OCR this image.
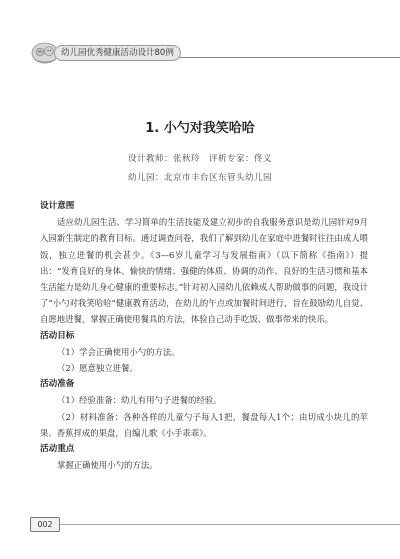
幼儿园优秀健康活动设计80例
1. 小勺对我笑哈哈
设计教师：张秋玲　评析专家：佟义
幼儿园：北京市丰台区东管头幼儿园

设计意图

适应幼儿园生活、学习简单的生活技能及建立初步的自我服务意识是幼儿园针对9月入园新生制定的教育目标。通过调查问卷，我们了解到幼儿在家庭中进餐时往往由成人喂饭，独立进餐的机会甚少。《3—6岁儿童学习与发展指南》（以下简称《指南》）提出：“发育良好的身体、愉快的情绪、强健的体质、协调的动作、良好的生活习惯和基本生活能力是幼儿身心健康的重要标志。”针对初入园幼儿依赖成人帮助做事的问题，我设计了“小勺对我笑哈哈”健康教育活动，在幼儿的午点或加餐时间进行，旨在鼓励幼儿自觉、自愿地进餐，掌握正确使用餐具的方法，体验自己动手吃饭、做事带来的快乐。

活动目标

（1）学会正确使用小勺的方法。

（2）愿意独立进餐。

活动准备

（1）经验准备：幼儿有用勺子进餐的经验。

（2）材料准备：各种各样的儿童勺子每人1把，餐盘每人1个；由切成小块儿的苹果、香蕉拌成的果盘，自编儿歌《小手乖乖》。

活动重点

掌握正确使用小勺的方法。

002
